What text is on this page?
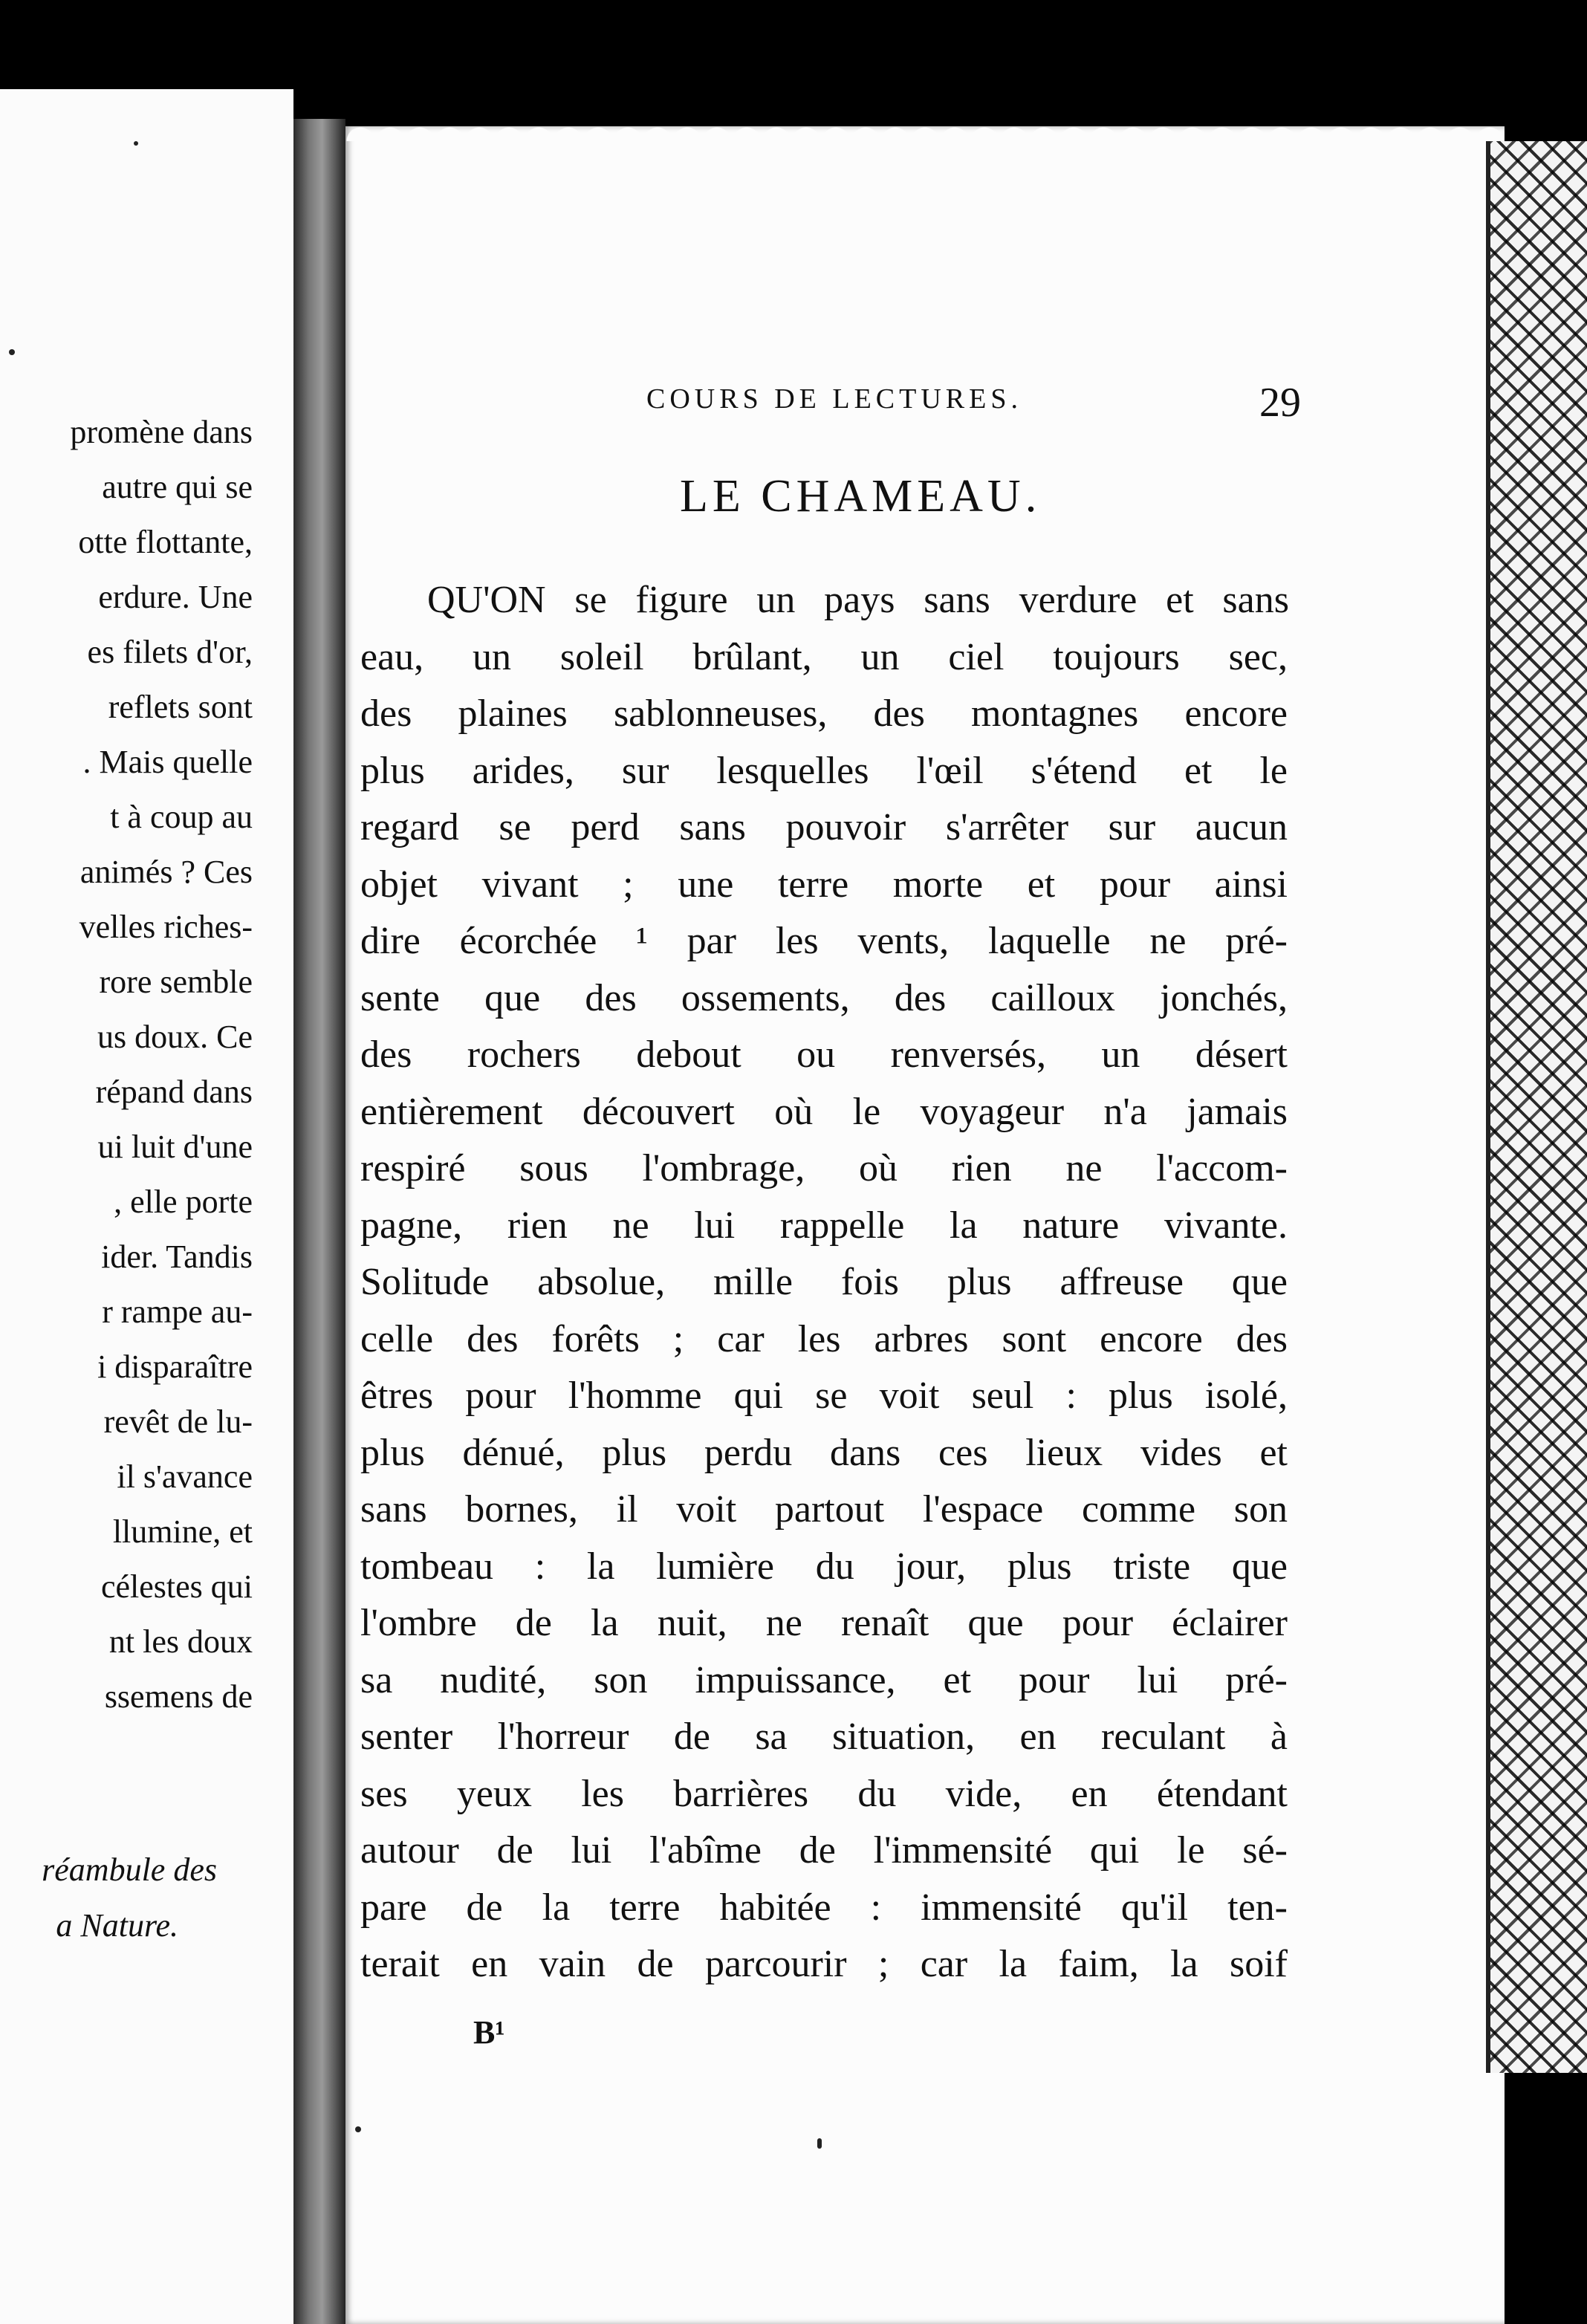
promène dans
autre qui se
otte flottante,
erdure. Une
es filets d'or,
reflets sont
. Mais quelle
t à coup au
animés ? Ces
velles riches-
rore semble
us doux. Ce
répand dans
ui luit d'une
, elle porte
ider. Tandis
r rampe au-
i disparaître
revêt de lu-
il s'avance
llumine, et
célestes qui
nt les doux
ssemens de
réambule des
a Nature.
COURS DE LECTURES.	29
LE CHAMEAU.
QU'ON se figure un pays sans verdure et sans
eau, un soleil brûlant, un ciel toujours sec,
des plaines sablonneuses, des montagnes encore
plus arides, sur lesquelles l'œil s'étend et le
regard se perd sans pouvoir s'arrêter sur aucun
objet vivant ; une terre morte et pour ainsi
dire écorchée ¹ par les vents, laquelle ne pré-
sente que des ossements, des cailloux jonchés,
des rochers debout ou renversés, un désert
entièrement découvert où le voyageur n'a jamais
respiré sous l'ombrage, où rien ne l'accom-
pagne, rien ne lui rappelle la nature vivante.
Solitude absolue, mille fois plus affreuse que
celle des forêts ; car les arbres sont encore des
êtres pour l'homme qui se voit seul : plus isolé,
plus dénué, plus perdu dans ces lieux vides et
sans bornes, il voit partout l'espace comme son
tombeau : la lumière du jour, plus triste que
l'ombre de la nuit, ne renaît que pour éclairer
sa nudité, son impuissance, et pour lui pré-
senter l'horreur de sa situation, en reculant à
ses yeux les barrières du vide, en étendant
autour de lui l'abîme de l'immensité qui le sé-
pare de la terre habitée : immensité qu'il ten-
terait en vain de parcourir ; car la faim, la soif
B¹
